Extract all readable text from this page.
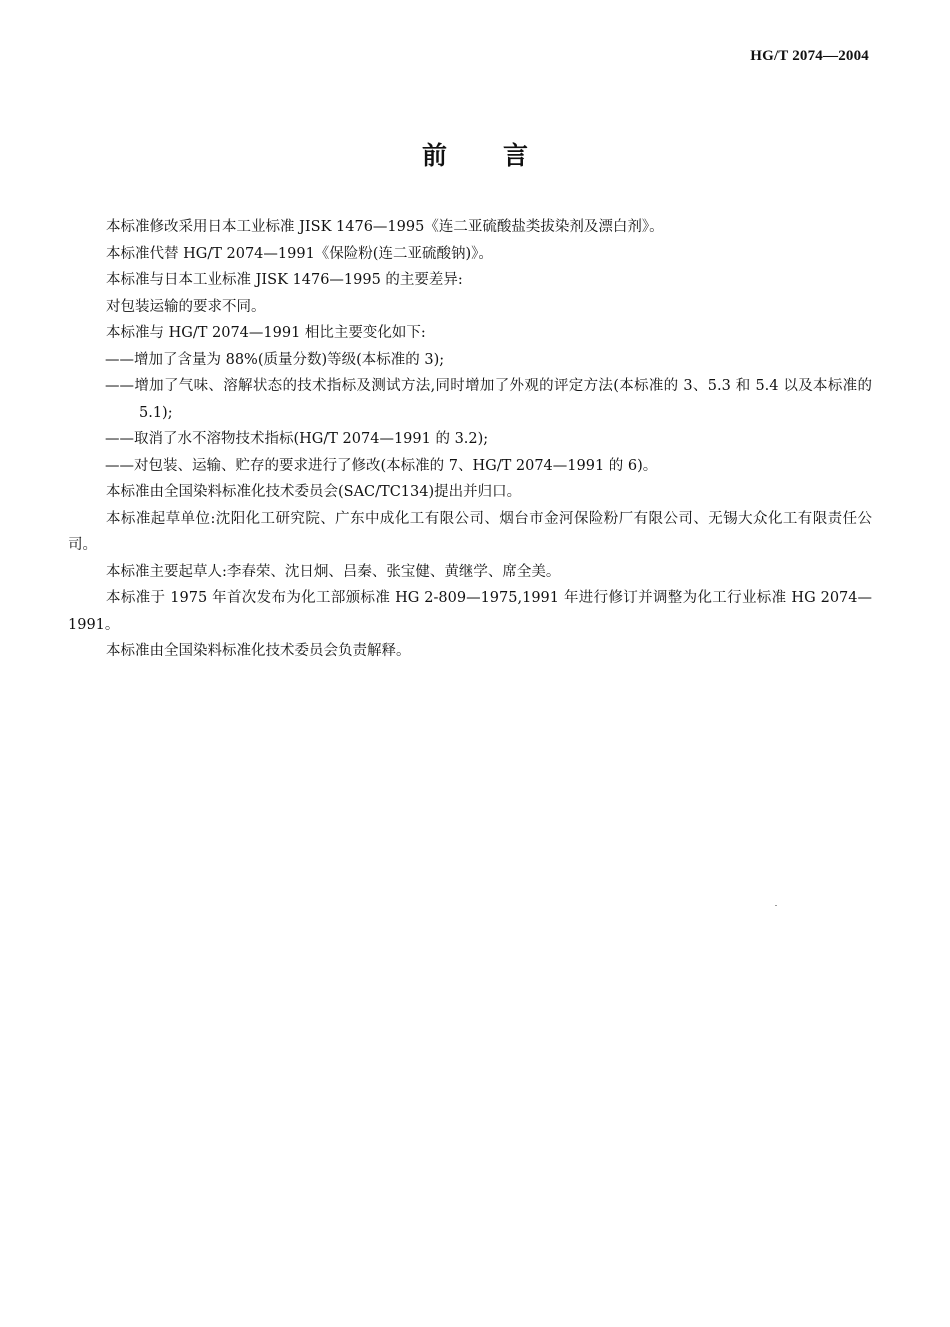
HG/T 2074—2004
前 言

本标准修改采用日本工业标准 JISK 1476—1995《连二亚硫酸盐类拔染剂及漂白剂》。

本标准代替 HG/T 2074—1991《保险粉(连二亚硫酸钠)》。

本标准与日本工业标准 JISK 1476—1995 的主要差异:

对包装运输的要求不同。

本标准与 HG/T 2074—1991 相比主要变化如下:

——增加了含量为 88%(质量分数)等级(本标准的 3);

——增加了气味、溶解状态的技术指标及测试方法,同时增加了外观的评定方法(本标准的 3、5.3 和 5.4 以及本标准的 5.1);

——取消了水不溶物技术指标(HG/T 2074—1991 的 3.2);

——对包装、运输、贮存的要求进行了修改(本标准的 7、HG/T 2074—1991 的 6)。

本标准由全国染料标准化技术委员会(SAC/TC134)提出并归口。

本标准起草单位:沈阳化工研究院、广东中成化工有限公司、烟台市金河保险粉厂有限公司、无锡大众化工有限责任公司。

本标准主要起草人:李春荣、沈日炯、吕秦、张宝健、黄继学、席全美。

本标准于 1975 年首次发布为化工部颁标准 HG 2-809—1975,1991 年进行修订并调整为化工行业标准 HG 2074—1991。

本标准由全国染料标准化技术委员会负责解释。
